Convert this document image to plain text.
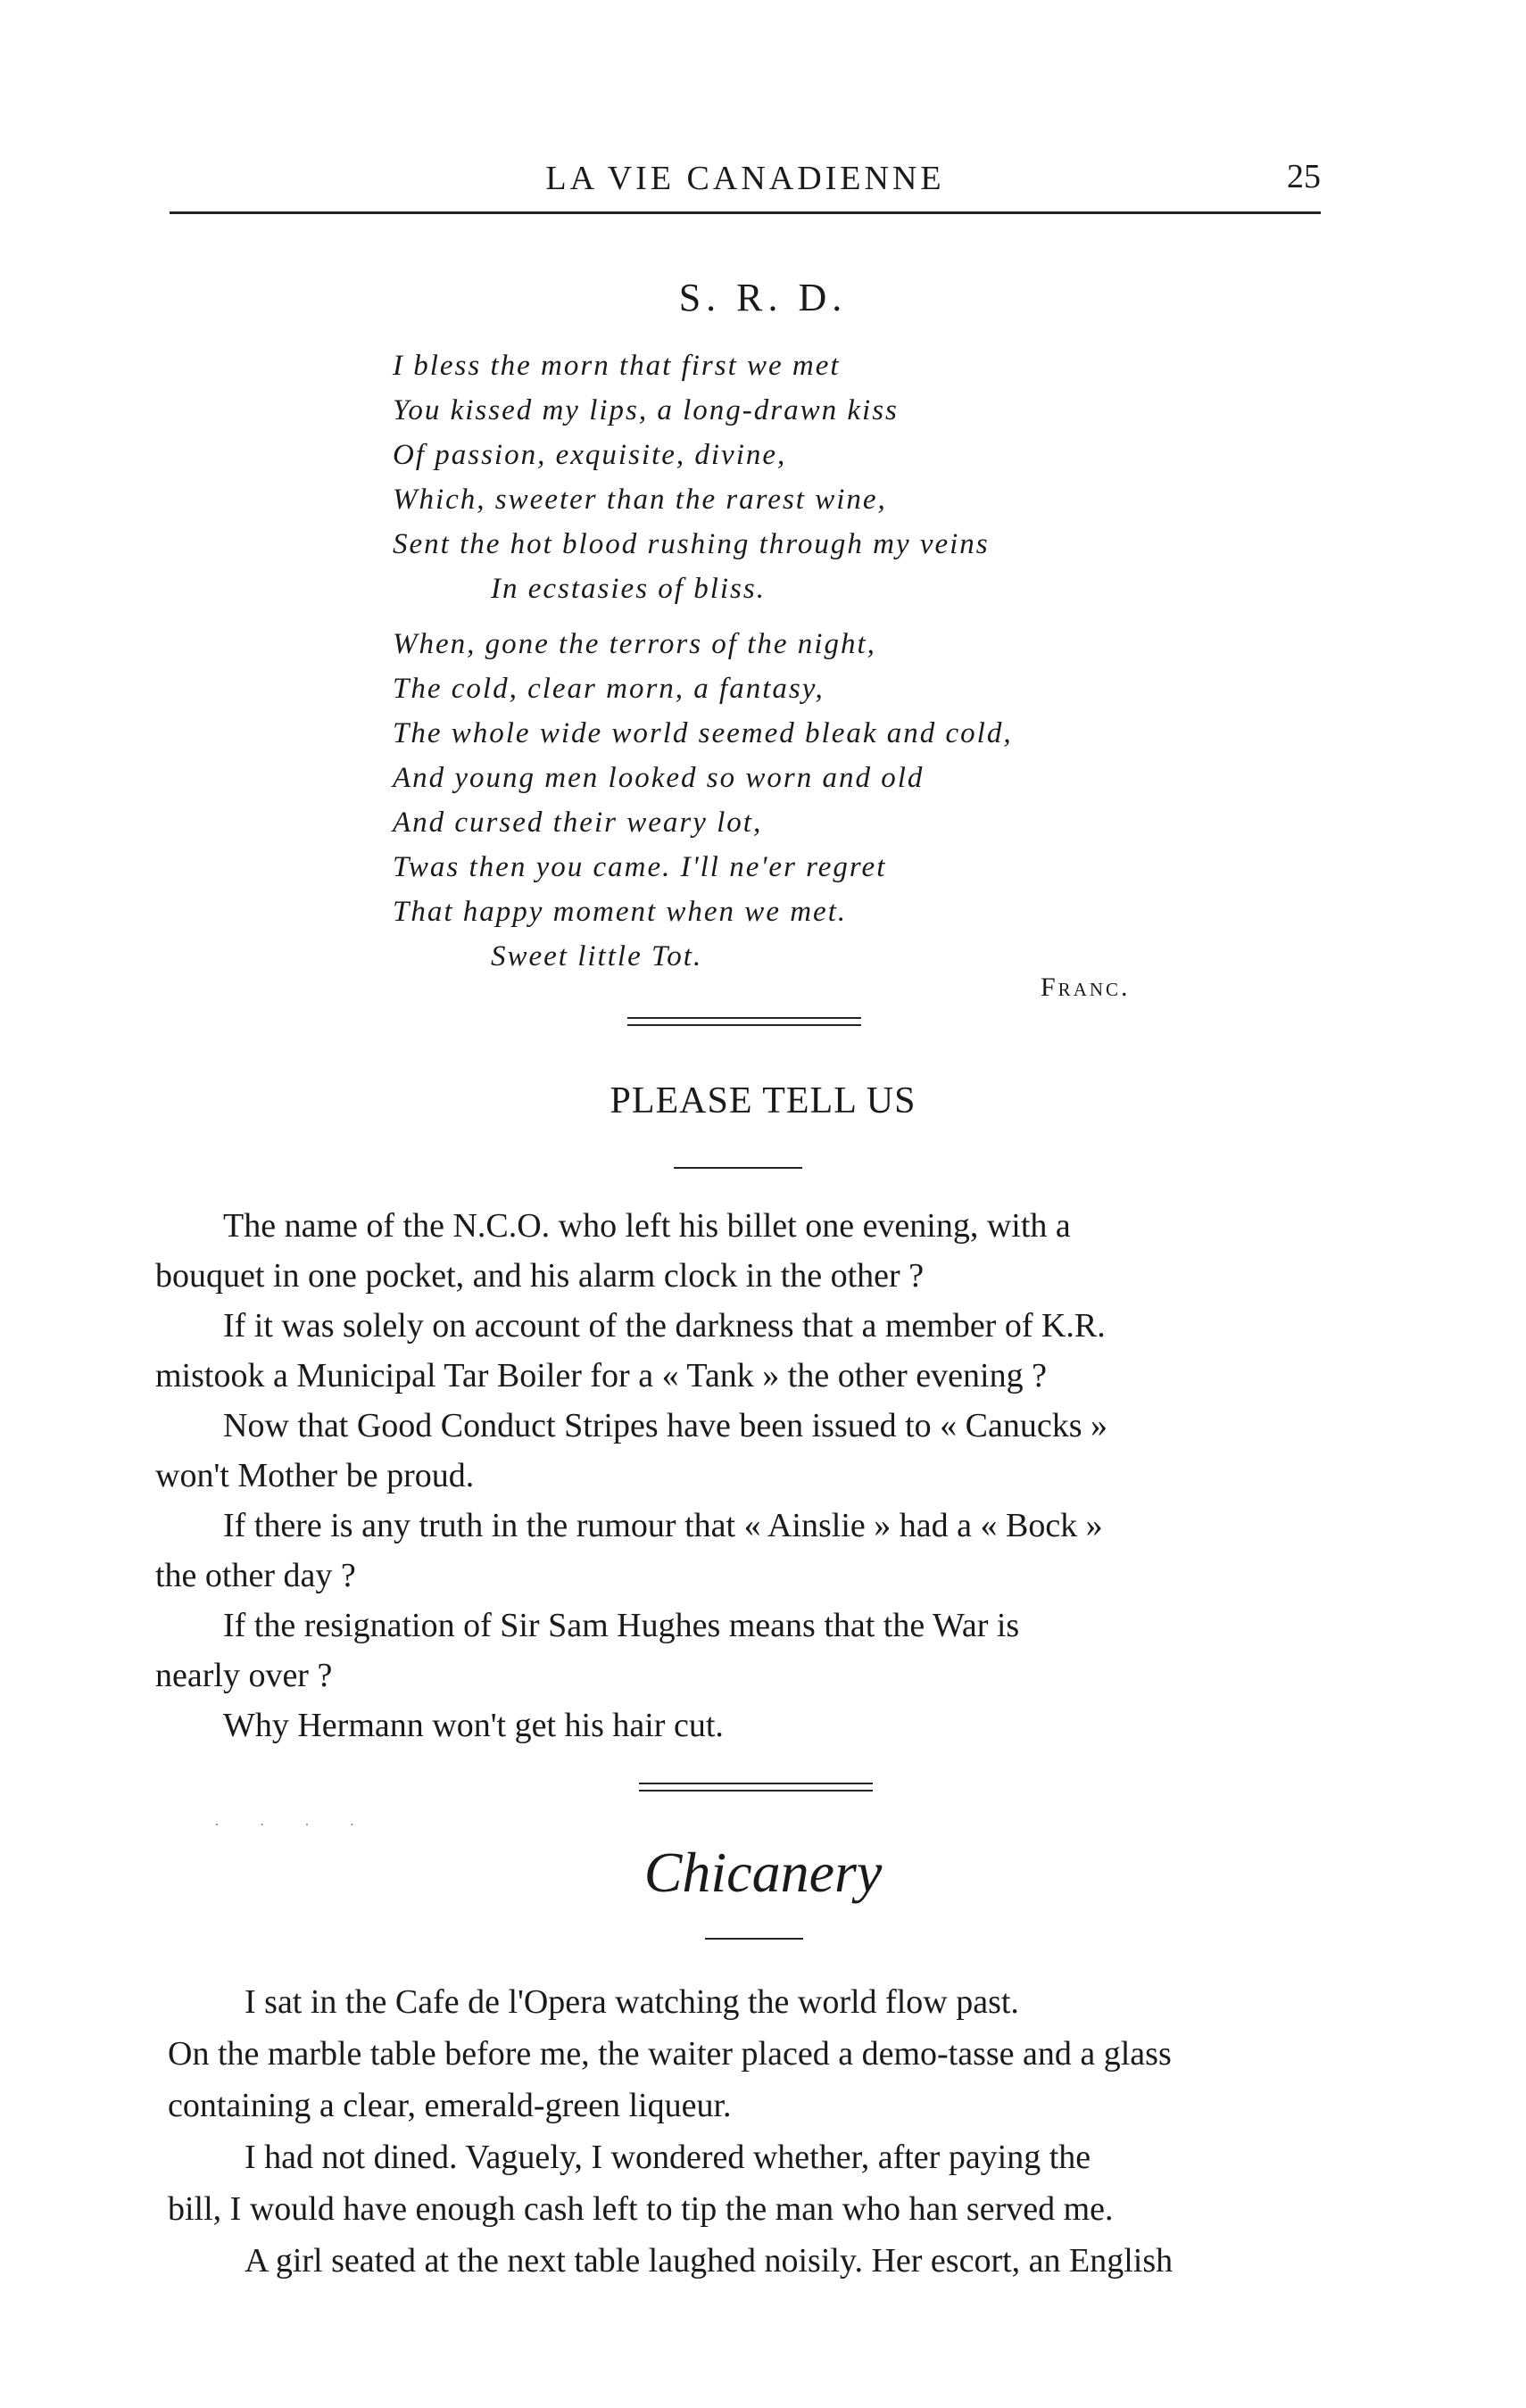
LA VIE CANADIENNE	25
S. R. D.
I bless the morn that first we met
You kissed my lips, a long-drawn kiss
Of passion, exquisite, divine,
Which, sweeter than the rarest wine,
Sent the hot blood rushing through my veins
In ecstasies of bliss.
When, gone the terrors of the night,
The cold, clear morn, a fantasy,
The whole wide world seemed bleak and cold,
And young men looked so worn and old
And cursed their weary lot,
Twas then you came. I'll ne'er regret
That happy moment when we met.
Sweet little Tot.
Franc.
PLEASE TELL US
The name of the N.C.O. who left his billet one evening, with a
bouquet in one pocket, and his alarm clock in the other ?
If it was solely on account of the darkness that a member of K.R.
mistook a Municipal Tar Boiler for a « Tank » the other evening ?
Now that Good Conduct Stripes have been issued to « Canucks »
won't Mother be proud.
If there is any truth in the rumour that « Ainslie » had a « Bock »
the other day ?
If the resignation of Sir Sam Hughes means that the War is
nearly over ?
Why Hermann won't get his hair cut.
· · · ·
Chicanery
I sat in the Cafe de l'Opera watching the world flow past.
On the marble table before me, the waiter placed a demo-tasse and a glass
containing a clear, emerald-green liqueur.
I had not dined. Vaguely, I wondered whether, after paying the
bill, I would have enough cash left to tip the man who han served me.
A girl seated at the next table laughed noisily. Her escort, an English
